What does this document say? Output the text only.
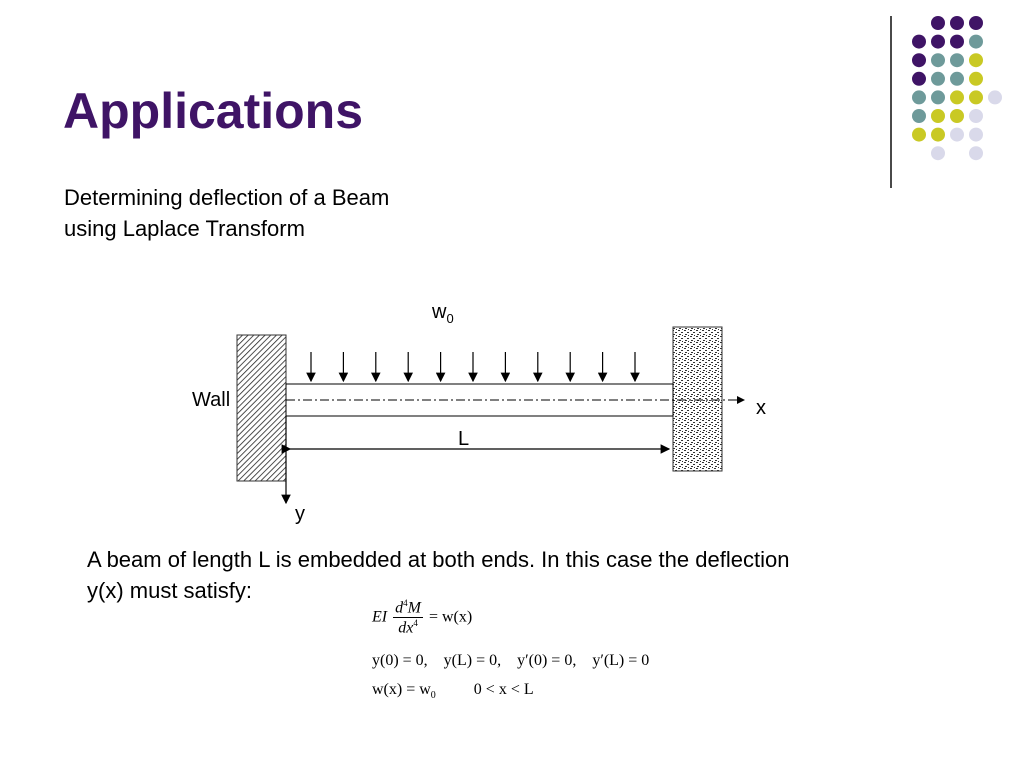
Applications
Determining deflection of a Beam
using Laplace Transform
$w_0$
Wall	x
L
y
A beam of length L is embedded at both ends. In this case the deflection
y(x) must satisfy:
EI $\frac{d^4M}{dx^4} = w(x)$
y(0) = 0,    y(L) = 0,    y′(0) = 0,    y′(L) = 0
$w(x) = w_0$ 0 < x < L
